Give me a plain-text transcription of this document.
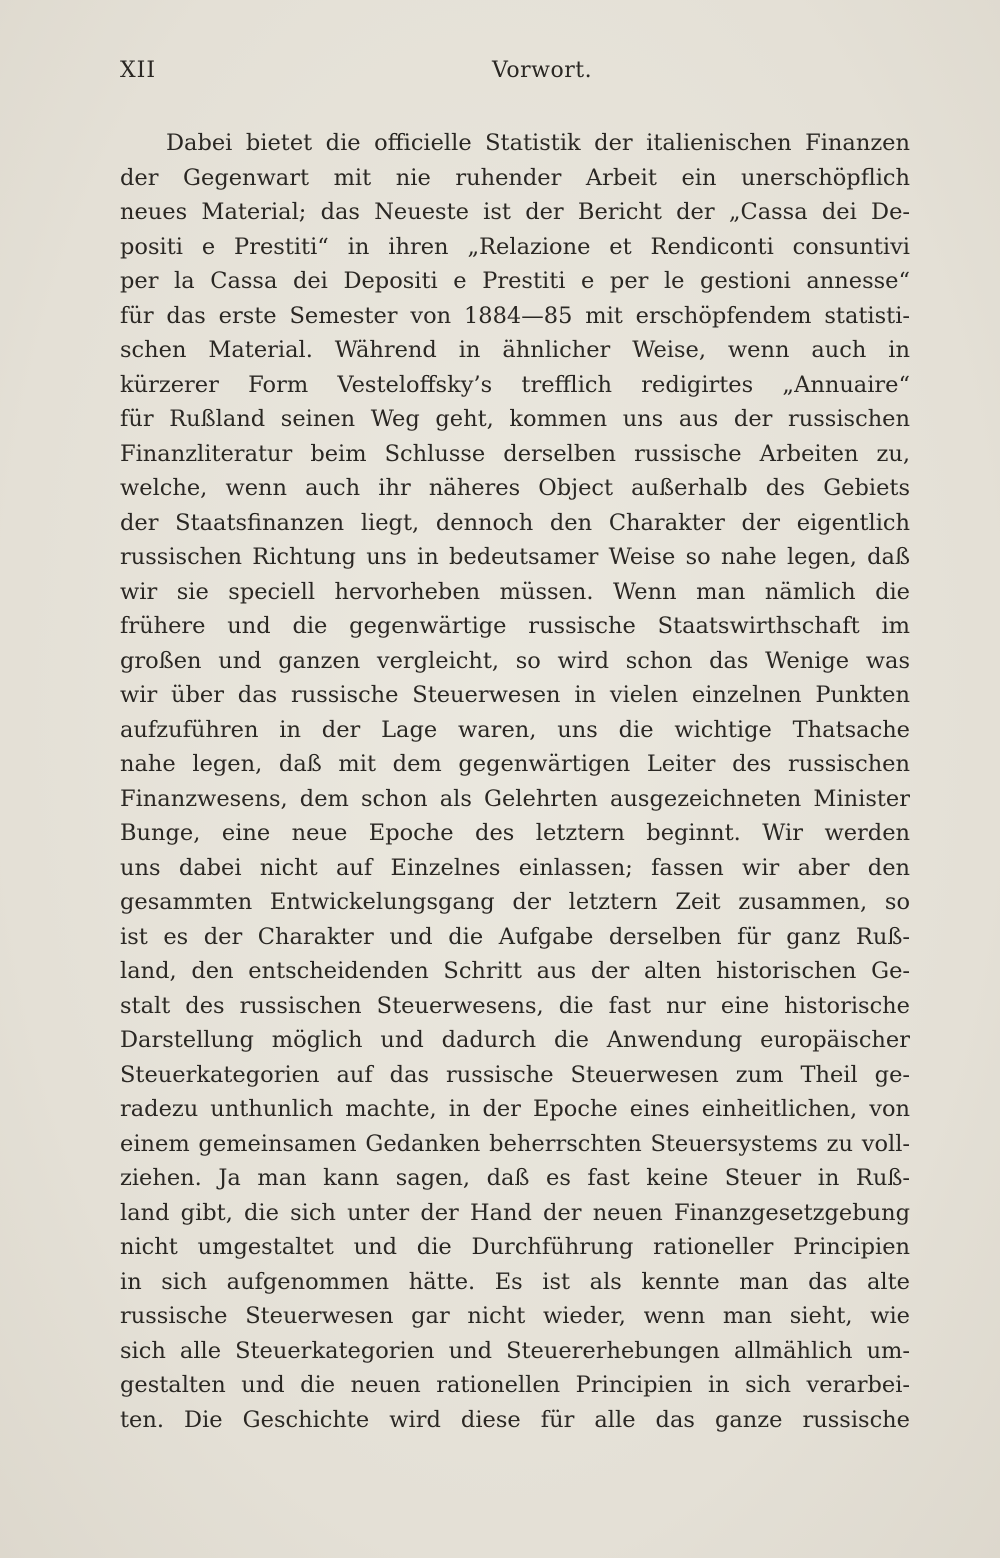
XII	Vorwort.
Dabei bietet die officielle Statistik der italienischen Finanzen
der Gegenwart mit nie ruhender Arbeit ein unerschöpflich
neues Material; das Neueste ist der Bericht der „Cassa dei De-
positi e Prestiti“ in ihren „Relazione et Rendiconti consuntivi
per la Cassa dei Depositi e Prestiti e per le gestioni annesse“
für das erste Semester von 1884—85 mit erschöpfendem statisti-
schen Material. Während in ähnlicher Weise, wenn auch in
kürzerer Form Vesteloffsky’s trefflich redigirtes „Annuaire“
für Rußland seinen Weg geht, kommen uns aus der russischen
Finanzliteratur beim Schlusse derselben russische Arbeiten zu,
welche, wenn auch ihr näheres Object außerhalb des Gebiets
der Staatsfinanzen liegt, dennoch den Charakter der eigentlich
russischen Richtung uns in bedeutsamer Weise so nahe legen, daß
wir sie speciell hervorheben müssen. Wenn man nämlich die
frühere und die gegenwärtige russische Staatswirthschaft im
großen und ganzen vergleicht, so wird schon das Wenige was
wir über das russische Steuerwesen in vielen einzelnen Punkten
aufzuführen in der Lage waren, uns die wichtige Thatsache
nahe legen, daß mit dem gegenwärtigen Leiter des russischen
Finanzwesens, dem schon als Gelehrten ausgezeichneten Minister
Bunge, eine neue Epoche des letztern beginnt. Wir werden
uns dabei nicht auf Einzelnes einlassen; fassen wir aber den
gesammten Entwickelungsgang der letztern Zeit zusammen, so
ist es der Charakter und die Aufgabe derselben für ganz Ruß-
land, den entscheidenden Schritt aus der alten historischen Ge-
stalt des russischen Steuerwesens, die fast nur eine historische
Darstellung möglich und dadurch die Anwendung europäischer
Steuerkategorien auf das russische Steuerwesen zum Theil ge-
radezu unthunlich machte, in der Epoche eines einheitlichen, von
einem gemeinsamen Gedanken beherrschten Steuersystems zu voll-
ziehen. Ja man kann sagen, daß es fast keine Steuer in Ruß-
land gibt, die sich unter der Hand der neuen Finanzgesetzgebung
nicht umgestaltet und die Durchführung rationeller Principien
in sich aufgenommen hätte. Es ist als kennte man das alte
russische Steuerwesen gar nicht wieder, wenn man sieht, wie
sich alle Steuerkategorien und Steuererhebungen allmählich um-
gestalten und die neuen rationellen Principien in sich verarbei-
ten. Die Geschichte wird diese für alle das ganze russische
